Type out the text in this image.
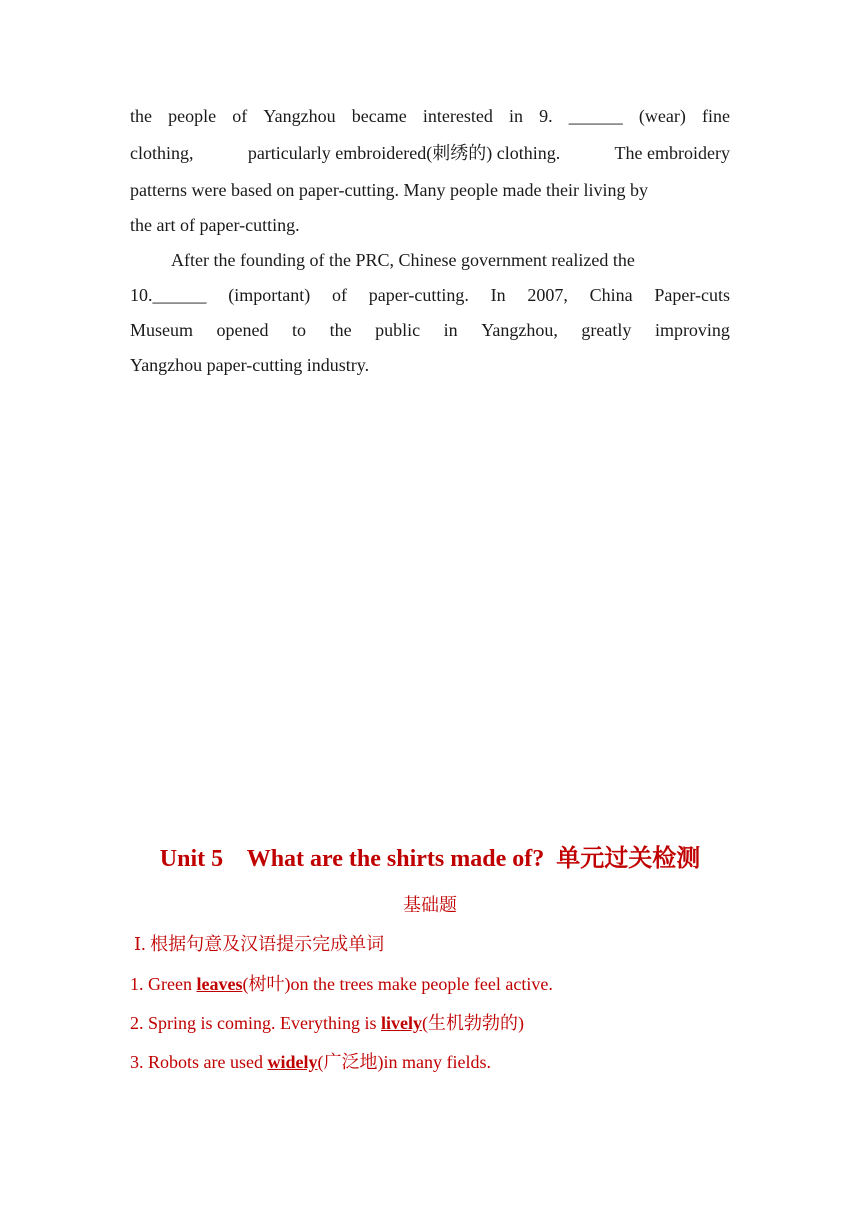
the people of Yangzhou became interested in 9. ______ (wear) fine
clothing,	particularly embroidered(刺绣的) clothing.	The embroidery
patterns were based on paper-cutting. Many people made their living by
the art of paper-cutting.
After the founding of the PRC, Chinese government realized the
10.______ (important) of paper-cutting. In 2007, China Paper-cuts
Museum opened to the public in Yangzhou, greatly improving
Yangzhou paper-cutting industry.
Unit 5    What are the shirts made of?  单元过关检测
基础题
Ⅰ. 根据句意及汉语提示完成单词
1. Green leaves(树叶)on the trees make people feel active.
2. Spring is coming. Everything is lively(生机勃勃的)
3. Robots are used widely(广泛地)in many fields.
